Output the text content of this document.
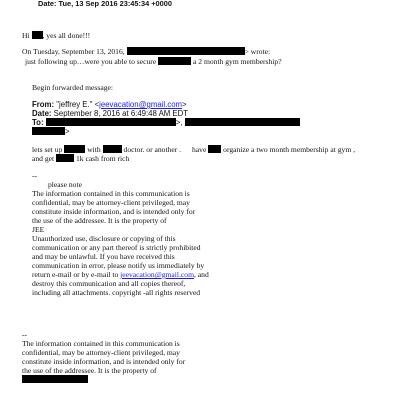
Date: Tue, 13 Sep 2016 23:45:34 +0000
Hi , yes all done!!!
On Tuesday, September 13, 2016,	> wrote:
just following up…were you able to secure	a 2 month gym membership?
Begin forwarded message:
From: "jeffrey E." <jeevacation@gmail.com>
Date: September 8, 2016 at 6:49:48 AM EDT
To:	>,
>
lets set up	with	doctor. or another . have organize a two month membership at gym ,
and get	1k cash from rich
--
please note
The information contained in this communication is
confidential, may be attorney-client privileged, may
constitute inside information, and is intended only for
the use of the addressee. It is the property of
JEE
Unauthorized use, disclosure or copying of this
communication or any part thereof is strictly prohibited
and may be unlawful. If you have received this
communication in error, please notify us immediately by
return e-mail or by e-mail to jeevacation@gmail.com, and
destroy this communication and all copies thereof,
including all attachments. copyright -all rights reserved
--
The information contained in this communication is
confidential, may be attorney-client privileged, may
constitute inside information, and is intended only for
the use of the addressee. It is the property of
